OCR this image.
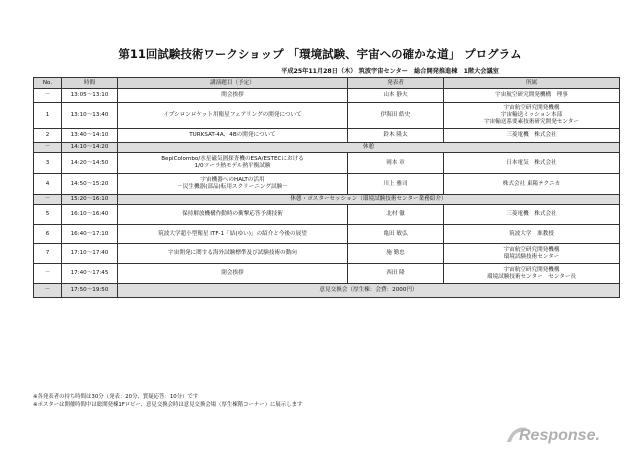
第11回試験技術ワークショップ 「環境試験、宇宙への確かな道」 プログラム
平成25年11月28日（木） 筑波宇宙センター　総合開発推進棟　1階大会議室
No.	時間	講演題目（予定）	発表者	所属
－	13:05～13:10	開会挨拶	山本 静夫	宇宙航空研究開発機構　理事

1	13:10～13:40	イプシロンロケット用衛星フェアリングの開発について	伊海田 皓史	宇宙航空研究開発機構
宇宙輸送ミッション本部
宇宙輸送系要素技術研究開発センター

2	13:40～14:10	TURKSAT-4A、4Bの開発について	鈴木 隆太	三菱電機　株式会社

－	14:10～14:20	休憩		

3	14:20～14:50	BepiColombo/水星磁気圏探査機のESA/ESTECにおける
1/0ツーラ熱モデル熱平衡試験	岡本 章	日本電気　株式会社

4	14:50～15:20	宇宙機器へのHALTの活用
－民生機器(部品)転用スクリーニング試験－	川上 雅司	株式会社 東陽テクニカ

－	15:20～16:10	休憩・ポスターセッション（環境試験技術センター業務紹介）		

5	16:10～16:40	保持解放機構作動時の衝撃応答予測技術	北村 徹	三菱電機　株式会社

6	16:40～17:10	筑波大学超小型衛星 ITF-1「結(ゆい)」の紹介と今後の展望	亀田 敏弘	筑波大学　准教授

7	17:10～17:40	宇宙開発に関する海外試験標準及び試験技術の動向	施 勤忠	宇宙航空研究開発機構
環境試験技術センター

－	17:40～17:45	閉会挨拶	西田 隆	宇宙航空研究開発機構
環境試験技術センター　センター長

－	17:50～19:50	意見交換会（厚生棟：会費：2000円）		
※各発表者の持ち時間は30分（発表：20分、質疑応答：10分）です
※ポスターは開催時間中は総開発棟1Fロビー、意見交換会時は意見交換会場（厚生棟階コーナー）に展示します
Response.
